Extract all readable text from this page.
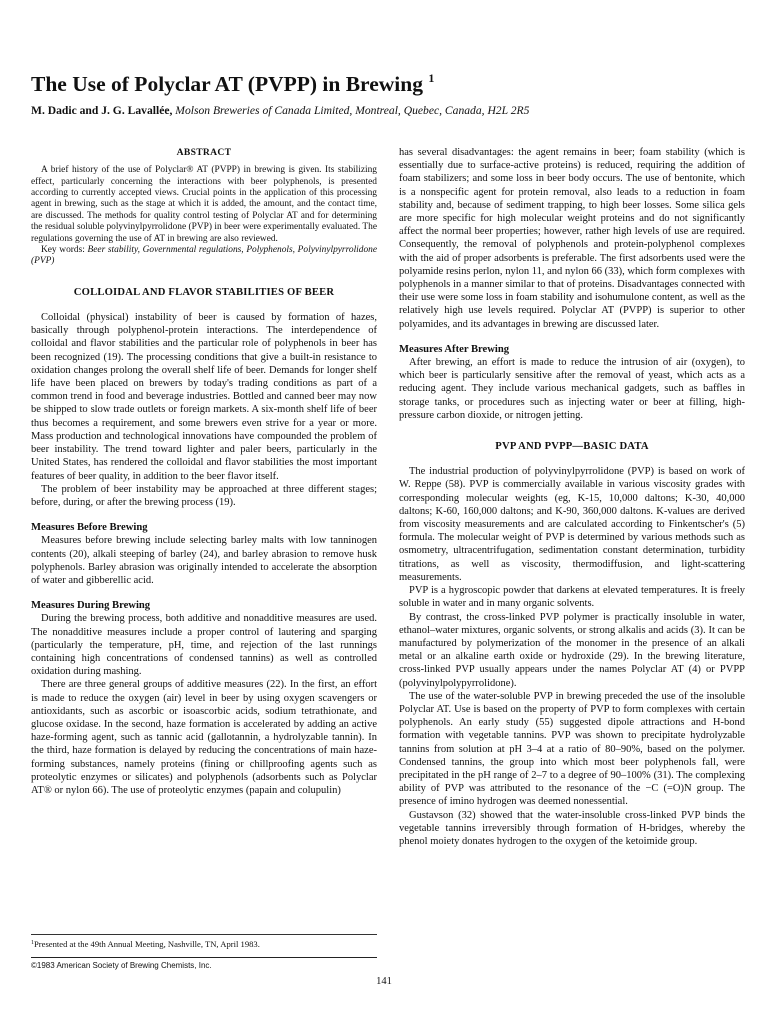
The Use of Polyclar AT (PVPP) in Brewing $^1$
M. Dadic and J. G. Lavallée, Molson Breweries of Canada Limited, Montreal, Quebec, Canada, H2L 2R5
ABSTRACT

A brief history of the use of Polyclar® AT (PVPP) in brewing is given. Its stabilizing effect, particularly concerning the interactions with beer polyphenols, is presented according to currently accepted views. Crucial points in the application of this processing agent in brewing, such as the stage at which it is added, the amount, and the contact time, are discussed. The methods for quality control testing of Polyclar AT and for determining the residual soluble polyvinylpyrrolidone (PVP) in beer were experimentally evaluated. The regulations governing the use of AT in brewing are also reviewed.

Key words: Beer stability, Governmental regulations, Polyphenols, Polyvinylpyrrolidone (PVP)

COLLOIDAL AND FLAVOR STABILITIES OF BEER

Colloidal (physical) instability of beer is caused by formation of hazes, basically through polyphenol-protein interactions. The interdependence of colloidal and flavor stabilities and the particular role of polyphenols in beer has been recognized (19). The processing conditions that give a built-in resistance to oxidation changes prolong the overall shelf life of beer. Demands for longer shelf life have been placed on brewers by today's trading conditions as part of a common trend in food and beverage industries. Bottled and canned beer may now be shipped to slow trade outlets or foreign markets. A six-month shelf life of beer thus becomes a requirement, and some brewers even strive for a year or more. Mass production and technological innovations have compounded the problem of beer instability. The trend toward lighter and paler beers, particularly in the United States, has rendered the colloidal and flavor stabilities the most important features of beer quality, in addition to the beer flavor itself.

The problem of beer instability may be approached at three different stages; before, during, or after the brewing process (19).

Measures Before Brewing

Measures before brewing include selecting barley malts with low tanninogen contents (20), alkali steeping of barley (24), and barley abrasion to remove husk polyphenols. Barley abrasion was originally intended to accelerate the absorption of water and gibberellic acid.

Measures During Brewing

During the brewing process, both additive and nonadditive measures are used. The nonadditive measures include a proper control of lautering and sparging (particularly the temperature, pH, time, and rejection of the last runnings containing high concentrations of condensed tannins) as well as controlled oxidation during mashing.

There are three general groups of additive measures (22). In the first, an effort is made to reduce the oxygen (air) level in beer by using oxygen scavengers or antioxidants, such as ascorbic or isoascorbic acids, sodium tetrathionate, and glucose oxidase. In the second, haze formation is accelerated by adding an active haze-forming agent, such as tannic acid (gallotannin, a hydrolyzable tannin). In the third, haze formation is delayed by reducing the concentrations of main haze-forming substances, namely proteins (fining or chillproofing agents such as proteolytic enzymes or silicates) and polyphenols (adsorbents such as Polyclar AT® or nylon 66). The use of proteolytic enzymes (papain and colupulin)

has several disadvantages: the agent remains in beer; foam stability (which is essentially due to surface-active proteins) is reduced, requiring the addition of foam stabilizers; and some loss in beer body occurs. The use of bentonite, which is a nonspecific agent for protein removal, also leads to a reduction in foam stability and, because of sediment trapping, to high beer losses. Some silica gels are more specific for high molecular weight proteins and do not significantly affect the normal beer properties; however, rather high levels of use are required. Consequently, the removal of polyphenols and protein-polyphenol complexes with the aid of proper adsorbents is preferable. The first adsorbents used were the polyamide resins perlon, nylon 11, and nylon 66 (33), which form complexes with polyphenols in a manner similar to that of proteins. Disadvantages connected with their use were some loss in foam stability and isohumulone content, as well as the relatively high use levels required. Polyclar AT (PVPP) is superior to other polyamides, and its advantages in brewing are discussed later.

Measures After Brewing

After brewing, an effort is made to reduce the intrusion of air (oxygen), to which beer is particularly sensitive after the removal of yeast, which acts as a reducing agent. They include various mechanical gadgets, such as baffles in storage tanks, or procedures such as injecting water or beer at filling, high-pressure carbon dioxide, or nitrogen jetting.

PVP AND PVPP—BASIC DATA

The industrial production of polyvinylpyrrolidone (PVP) is based on work of W. Reppe (58). PVP is commercially available in various viscosity grades with corresponding molecular weights (eg, K-15, 10,000 daltons; K-30, 40,000 daltons; K-60, 160,000 daltons; and K-90, 360,000 daltons. K-values are derived from viscosity measurements and are calculated according to Finkentscher's (5) formula. The molecular weight of PVP is determined by various methods such as osmometry, ultracentrifugation, sedimentation constant determination, turbidity titrations, as well as viscosity, thermodiffusion, and light-scattering measurements.

PVP is a hygroscopic powder that darkens at elevated temperatures. It is freely soluble in water and in many organic solvents.

By contrast, the cross-linked PVP polymer is practically insoluble in water, ethanol–water mixtures, organic solvents, or strong alkalis and acids (3). It can be manufactured by polymerization of the monomer in the presence of an alkali metal or an alkaline earth oxide or hydroxide (29). In the brewing literature, cross-linked PVP usually appears under the names Polyclar AT (4) or PVPP (polyvinylpolypyrrolidone).

The use of the water-soluble PVP in brewing preceded the use of the insoluble Polyclar AT. Use is based on the property of PVP to form complexes with certain polyphenols. An early study (55) suggested dipole attractions and H-bond formation with vegetable tannins. PVP was shown to precipitate hydrolyzable tannins from solution at pH 3–4 at a ratio of 80–90%, based on the polymer. Condensed tannins, the group into which most beer polyphenols fall, were precipitated in the pH range of 2–7 to a degree of 90–100% (31). The complexing ability of PVP was attributed to the resonance of the −C (=O)N group. The presence of imino hydrogen was deemed nonessential.

Gustavson (32) showed that the water-insoluble cross-linked PVP binds the vegetable tannins irreversibly through formation of H-bridges, whereby the phenol moiety donates hydrogen to the oxygen of the ketoimide group.

$^1$Presented at the 49th Annual Meeting, Nashville, TN, April 1983.
©1983 American Society of Brewing Chemists, Inc.
141
